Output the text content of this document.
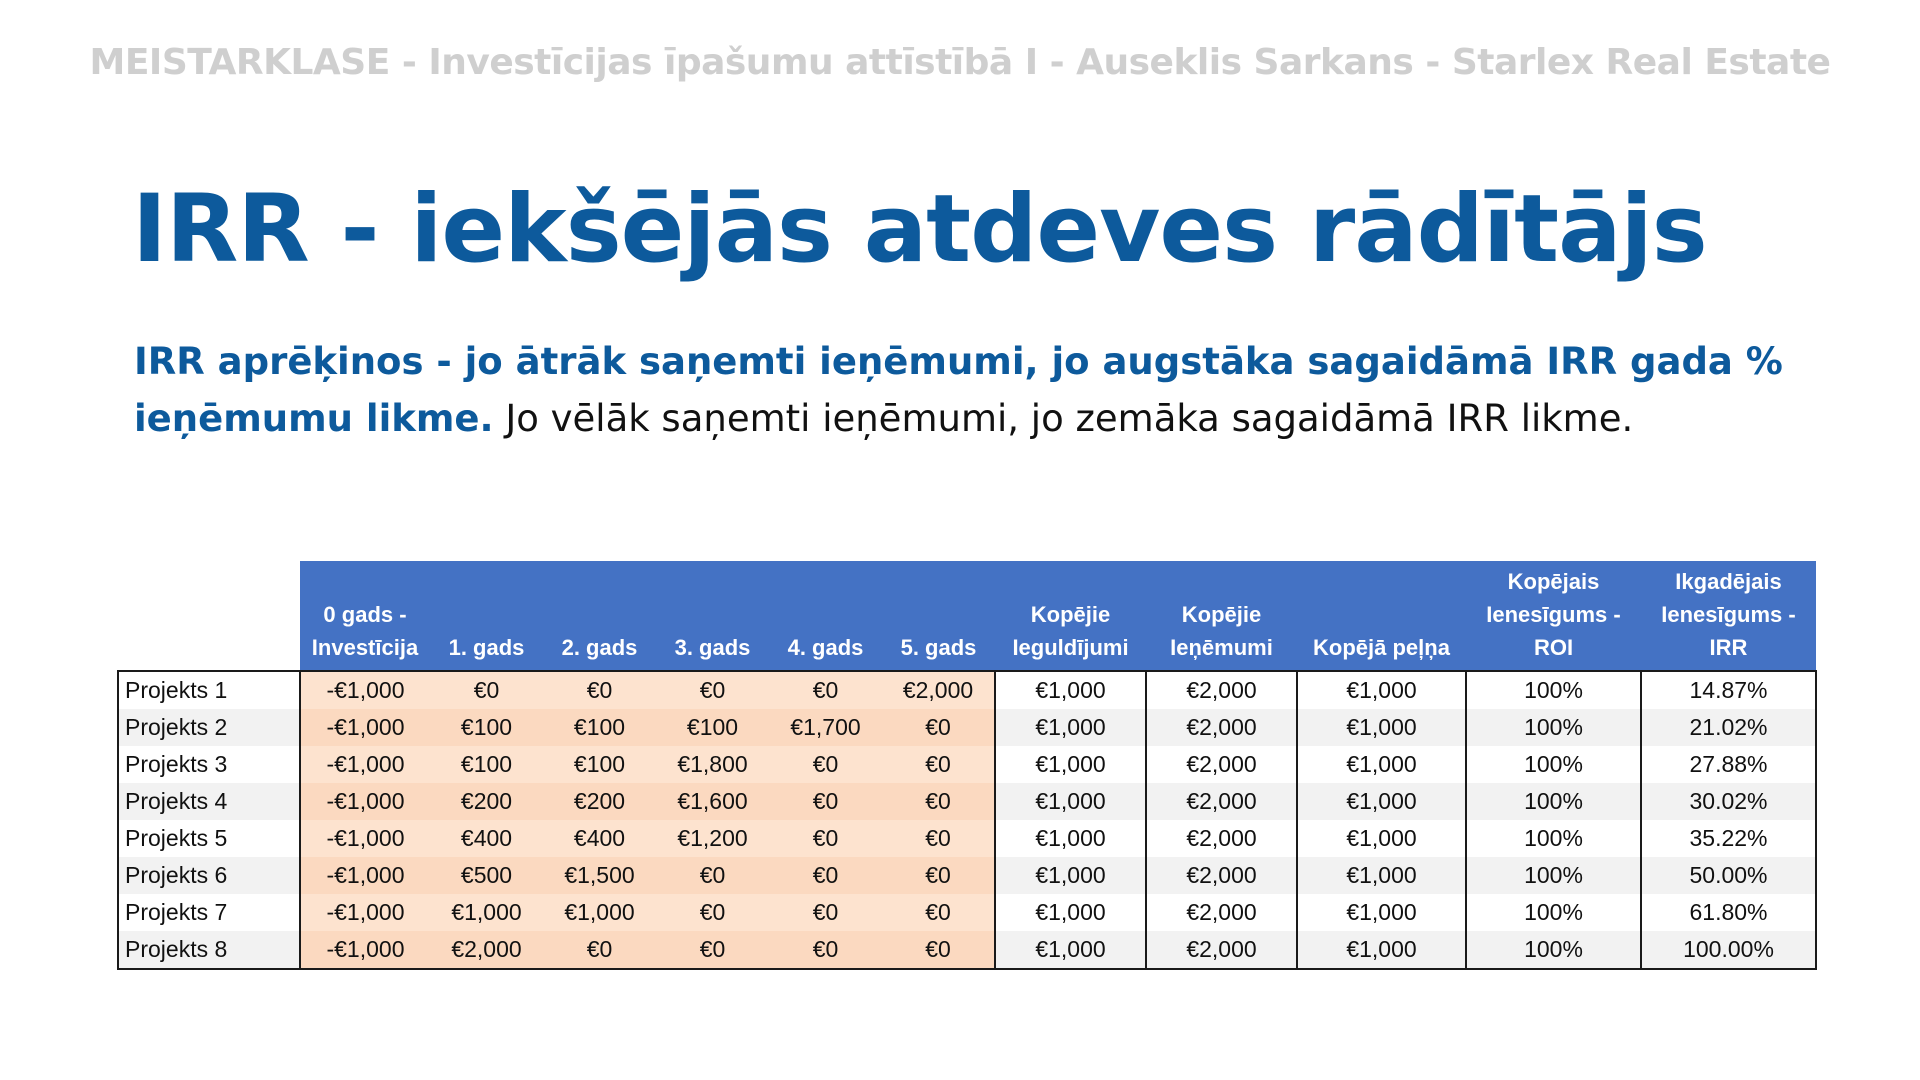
MEISTARKLASE - Investīcijas īpašumu attīstībā I - Auseklis Sarkans - Starlex Real Estate
IRR - iekšējās atdeves rādītājs
IRR aprēķinos - jo ātrāk saņemti ieņēmumi, jo augstāka sagaidāmā IRR gada % ieņēmumu likme. Jo vēlāk saņemti ieņēmumi, jo zemāka sagaidāmā IRR likme.
	0 gads - Investīcija	1. gads	2. gads	3. gads	4. gads	5. gads	Kopējie Ieguldījumi	Kopējie Ieņēmumi	Kopējā peļņa	Kopējais Ienesīgums - ROI	Ikgadējais Ienesīgums - IRR
Projekts 1	-€1,000	€0	€0	€0	€0	€2,000	€1,000	€2,000	€1,000	100%	14.87%
Projekts 2	-€1,000	€100	€100	€100	€1,700	€0	€1,000	€2,000	€1,000	100%	21.02%
Projekts 3	-€1,000	€100	€100	€1,800	€0	€0	€1,000	€2,000	€1,000	100%	27.88%
Projekts 4	-€1,000	€200	€200	€1,600	€0	€0	€1,000	€2,000	€1,000	100%	30.02%
Projekts 5	-€1,000	€400	€400	€1,200	€0	€0	€1,000	€2,000	€1,000	100%	35.22%
Projekts 6	-€1,000	€500	€1,500	€0	€0	€0	€1,000	€2,000	€1,000	100%	50.00%
Projekts 7	-€1,000	€1,000	€1,000	€0	€0	€0	€1,000	€2,000	€1,000	100%	61.80%
Projekts 8	-€1,000	€2,000	€0	€0	€0	€0	€1,000	€2,000	€1,000	100%	100.00%
